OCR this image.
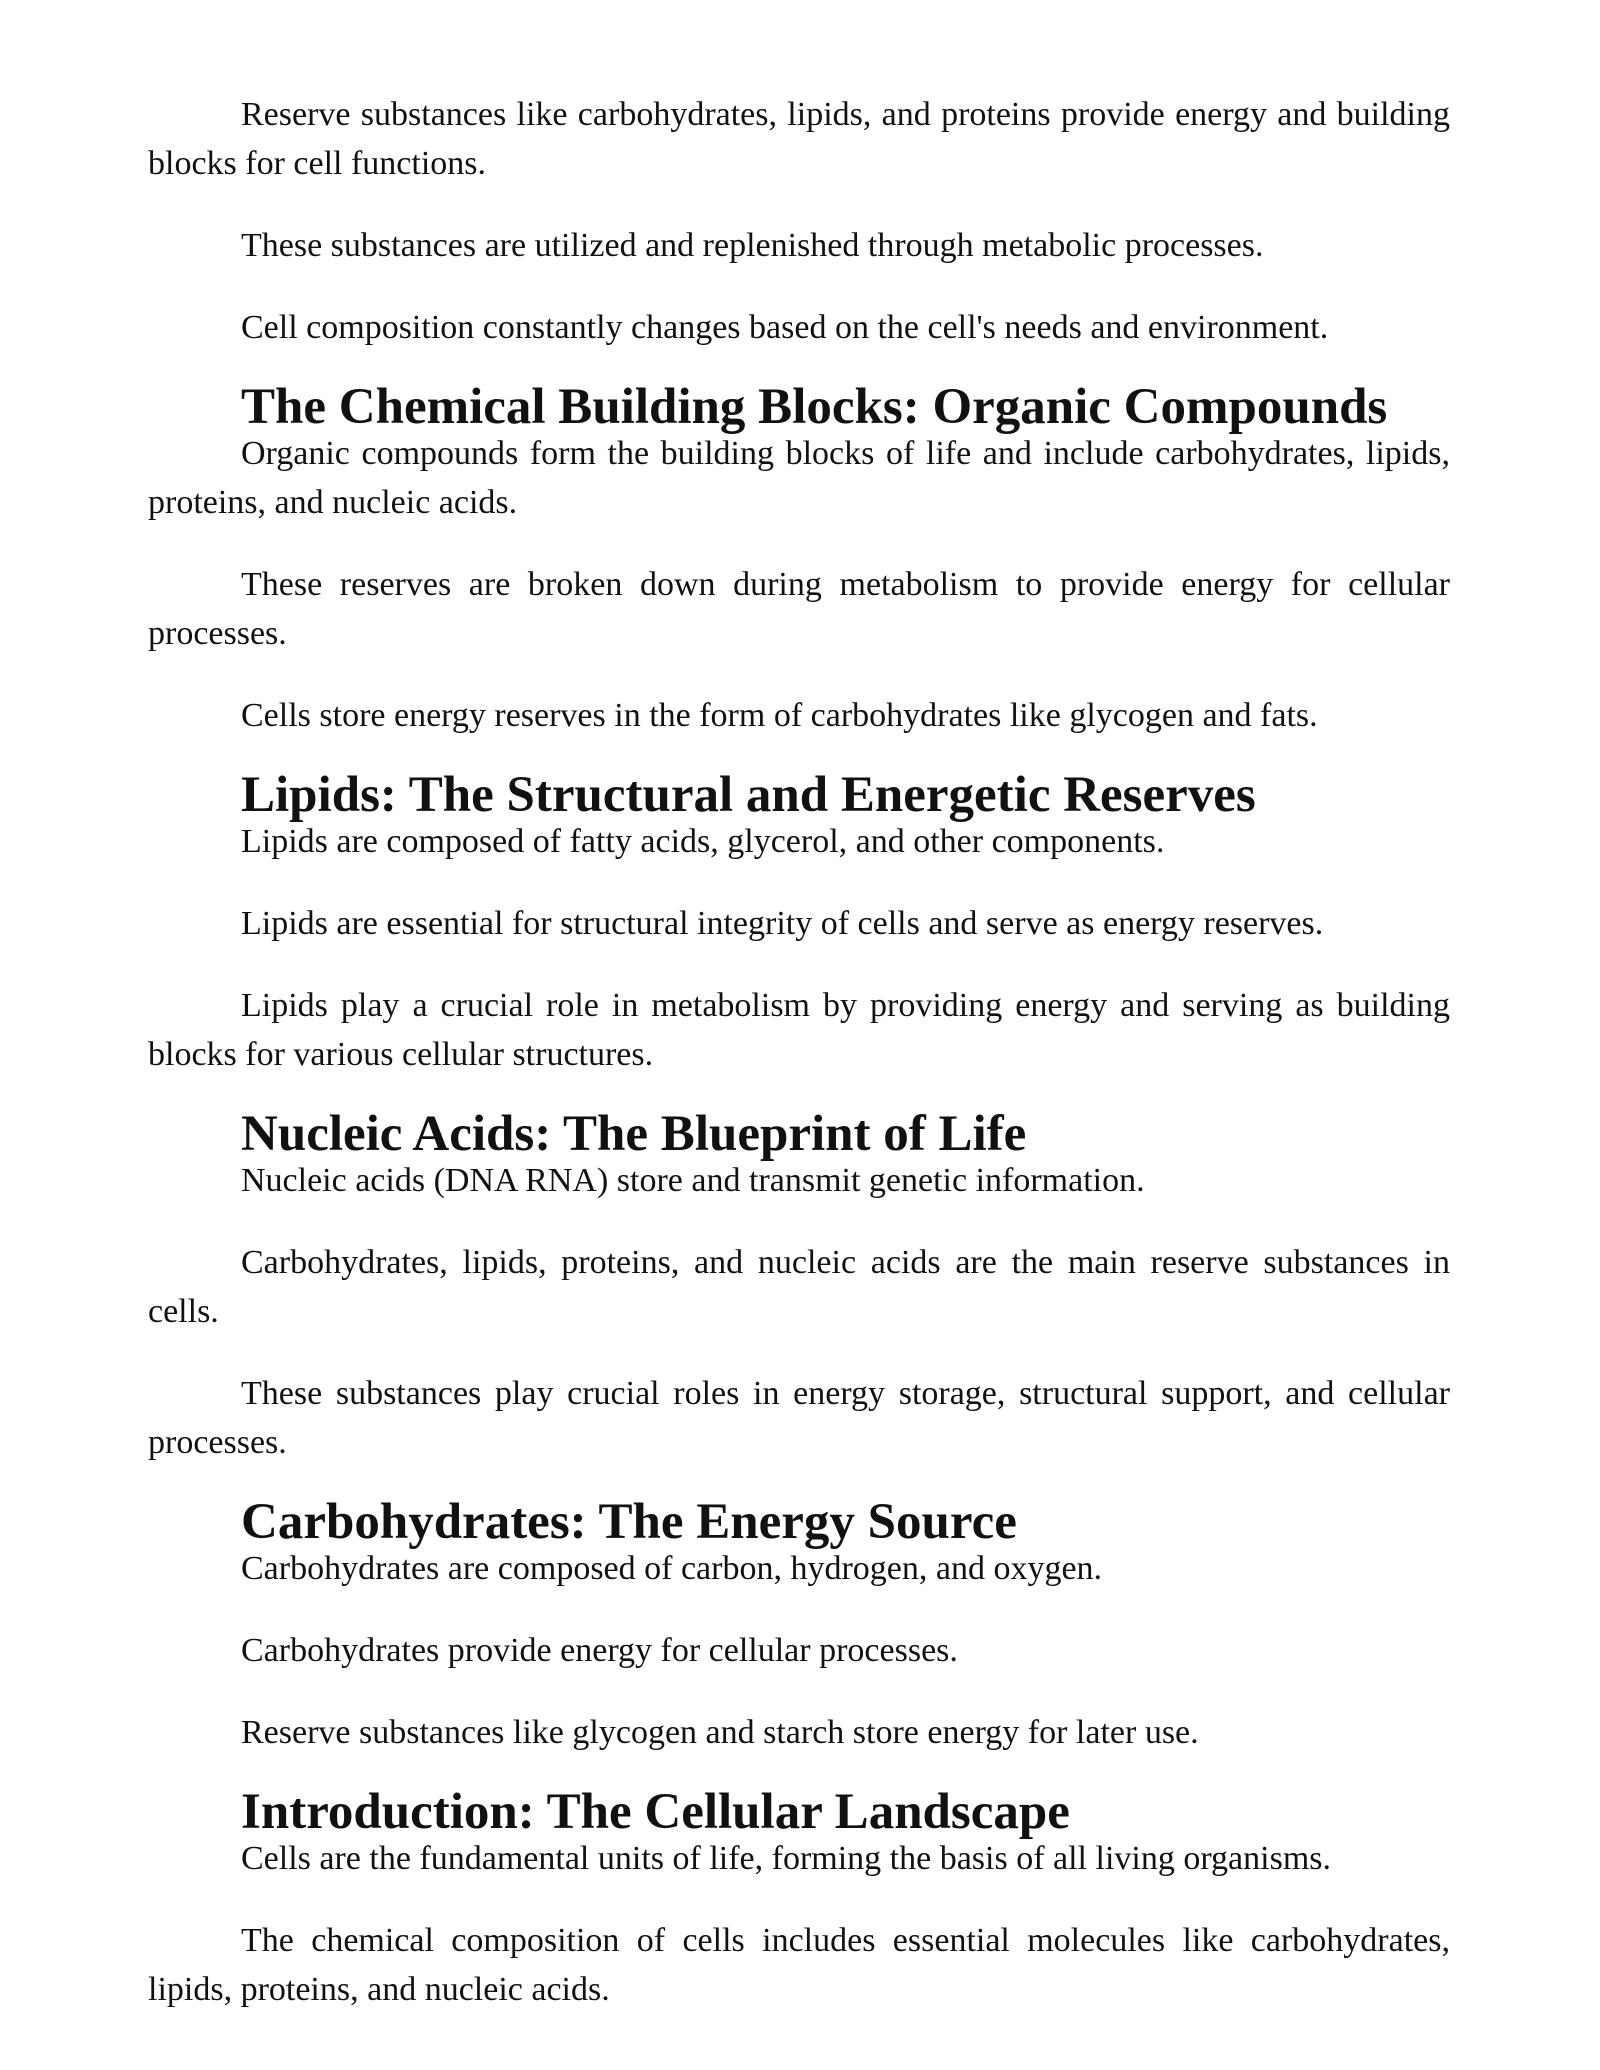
Reserve substances like carbohydrates, lipids, and proteins provide energy and building blocks for cell functions.

These substances are utilized and replenished through metabolic processes.

Cell composition constantly changes based on the cell's needs and environment.

The Chemical Building Blocks: Organic Compounds

Organic compounds form the building blocks of life and include carbohydrates, lipids, proteins, and nucleic acids.

These reserves are broken down during metabolism to provide energy for cellular processes.

Cells store energy reserves in the form of carbohydrates like glycogen and fats.

Lipids: The Structural and Energetic Reserves

Lipids are composed of fatty acids, glycerol, and other components.

Lipids are essential for structural integrity of cells and serve as energy reserves.

Lipids play a crucial role in metabolism by providing energy and serving as building blocks for various cellular structures.

Nucleic Acids: The Blueprint of Life

Nucleic acids (DNA RNA) store and transmit genetic information.

Carbohydrates, lipids, proteins, and nucleic acids are the main reserve substances in cells.

These substances play crucial roles in energy storage, structural support, and cellular processes.

Carbohydrates: The Energy Source

Carbohydrates are composed of carbon, hydrogen, and oxygen.

Carbohydrates provide energy for cellular processes.

Reserve substances like glycogen and starch store energy for later use.

Introduction: The Cellular Landscape

Cells are the fundamental units of life, forming the basis of all living organisms.

The chemical composition of cells includes essential molecules like carbohydrates, lipids, proteins, and nucleic acids.
